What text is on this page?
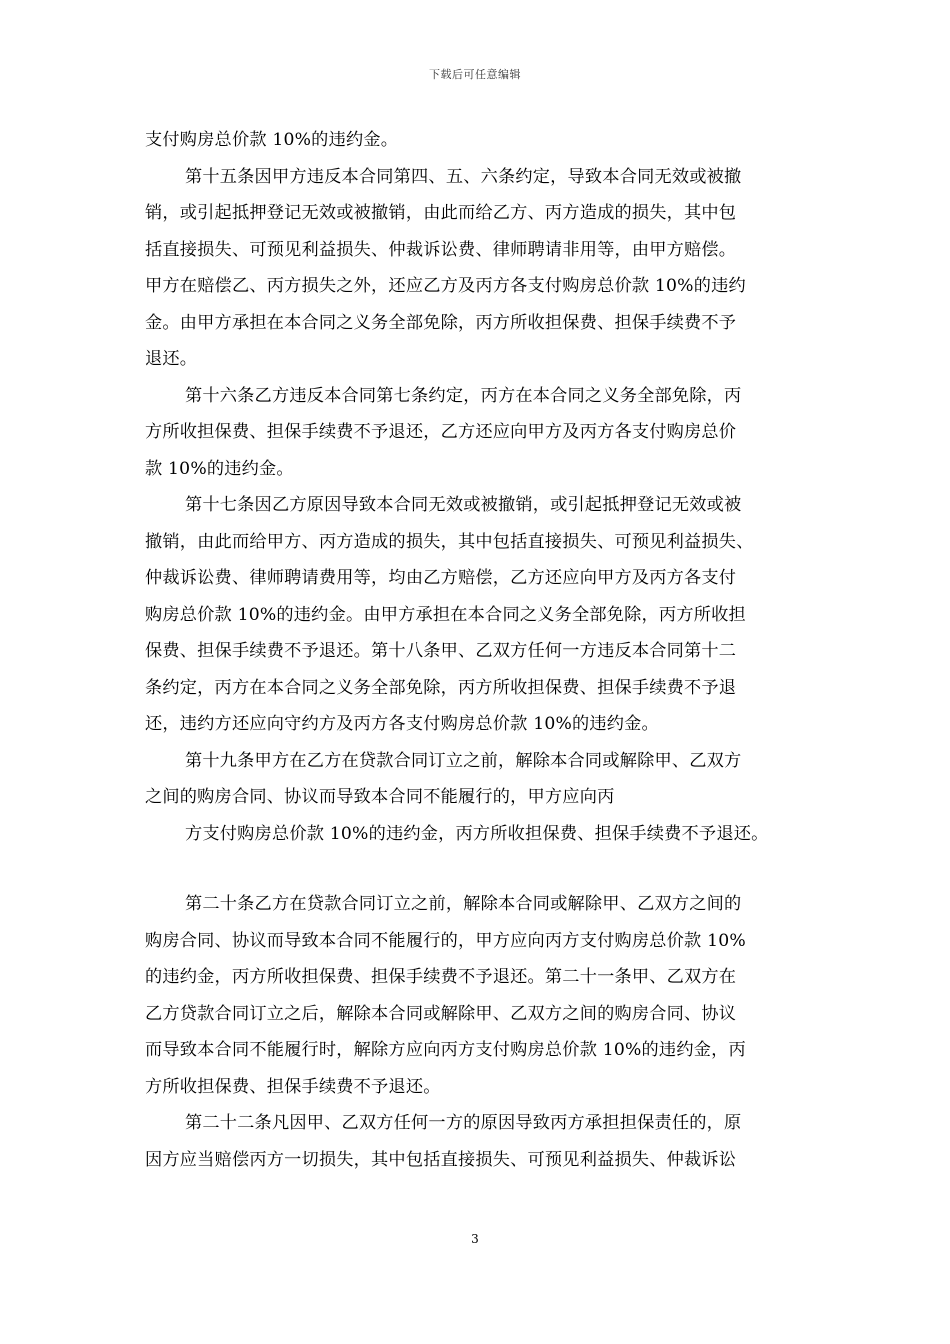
下载后可任意编辑
支付购房总价款 10%的违约金。
第十五条因甲方违反本合同第四、五、六条约定，导致本合同无效或被撤
销，或引起抵押登记无效或被撤销，由此而给乙方、丙方造成的损失，其中包
括直接损失、可预见利益损失、仲裁诉讼费、律师聘请非用等，由甲方赔偿。
甲方在赔偿乙、丙方损失之外，还应乙方及丙方各支付购房总价款 10%的违约
金。由甲方承担在本合同之义务全部免除，丙方所收担保费、担保手续费不予
退还。
第十六条乙方违反本合同第七条约定，丙方在本合同之义务全部免除，丙
方所收担保费、担保手续费不予退还，乙方还应向甲方及丙方各支付购房总价
款 10%的违约金。
第十七条因乙方原因导致本合同无效或被撤销，或引起抵押登记无效或被
撤销，由此而给甲方、丙方造成的损失，其中包括直接损失、可预见利益损失、
仲裁诉讼费、律师聘请费用等，均由乙方赔偿，乙方还应向甲方及丙方各支付
购房总价款 10%的违约金。由甲方承担在本合同之义务全部免除，丙方所收担
保费、担保手续费不予退还。第十八条甲、乙双方任何一方违反本合同第十二
条约定，丙方在本合同之义务全部免除，丙方所收担保费、担保手续费不予退
还，违约方还应向守约方及丙方各支付购房总价款 10%的违约金。
第十九条甲方在乙方在贷款合同订立之前，解除本合同或解除甲、乙双方
之间的购房合同、协议而导致本合同不能履行的，甲方应向丙
方支付购房总价款 10%的违约金，丙方所收担保费、担保手续费不予退还。
第二十条乙方在贷款合同订立之前，解除本合同或解除甲、乙双方之间的
购房合同、协议而导致本合同不能履行的，甲方应向丙方支付购房总价款 10%
的违约金，丙方所收担保费、担保手续费不予退还。第二十一条甲、乙双方在
乙方贷款合同订立之后，解除本合同或解除甲、乙双方之间的购房合同、协议
而导致本合同不能履行时，解除方应向丙方支付购房总价款 10%的违约金，丙
方所收担保费、担保手续费不予退还。
第二十二条凡因甲、乙双方任何一方的原因导致丙方承担担保责任的，原
因方应当赔偿丙方一切损失，其中包括直接损失、可预见利益损失、仲裁诉讼
3
